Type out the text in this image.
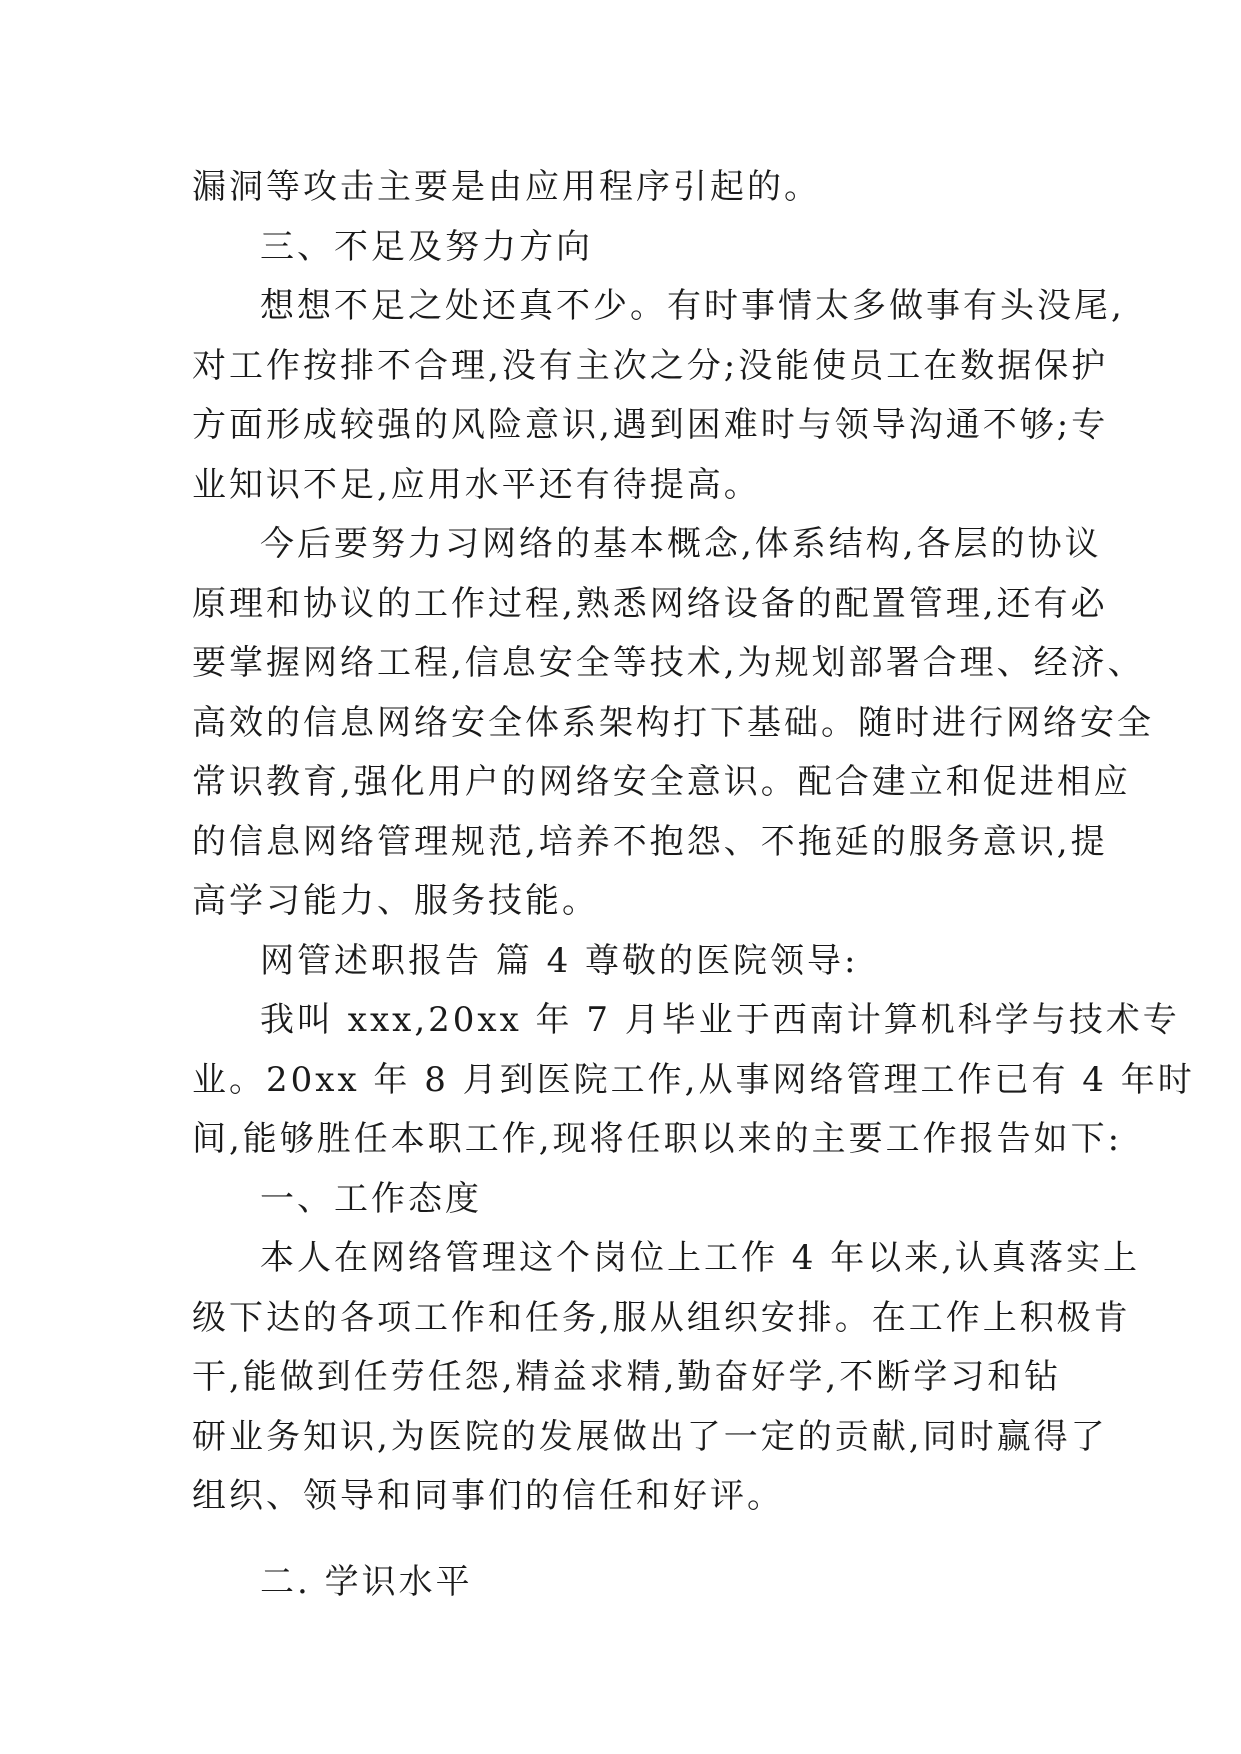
漏洞等攻击主要是由应用程序引起的。
三、不足及努力方向
想想不足之处还真不少。有时事情太多做事有头没尾,
对工作按排不合理,没有主次之分;没能使员工在数据保护
方面形成较强的风险意识,遇到困难时与领导沟通不够;专
业知识不足,应用水平还有待提高。
今后要努力习网络的基本概念,体系结构,各层的协议
原理和协议的工作过程,熟悉网络设备的配置管理,还有必
要掌握网络工程,信息安全等技术,为规划部署合理、经济、
高效的信息网络安全体系架构打下基础。随时进行网络安全
常识教育,强化用户的网络安全意识。配合建立和促进相应
的信息网络管理规范,培养不抱怨、不拖延的服务意识,提
高学习能力、服务技能。
网管述职报告 篇 4 尊敬的医院领导:
我叫 xxx,20xx 年 7 月毕业于西南计算机科学与技术专
业。20xx 年 8 月到医院工作,从事网络管理工作已有 4 年时
间,能够胜任本职工作,现将任职以来的主要工作报告如下:
一、工作态度
本人在网络管理这个岗位上工作 4 年以来,认真落实上
级下达的各项工作和任务,服从组织安排。在工作上积极肯
干,能做到任劳任怨,精益求精,勤奋好学,不断学习和钻
研业务知识,为医院的发展做出了一定的贡献,同时赢得了
组织、领导和同事们的信任和好评。
二. 学识水平
